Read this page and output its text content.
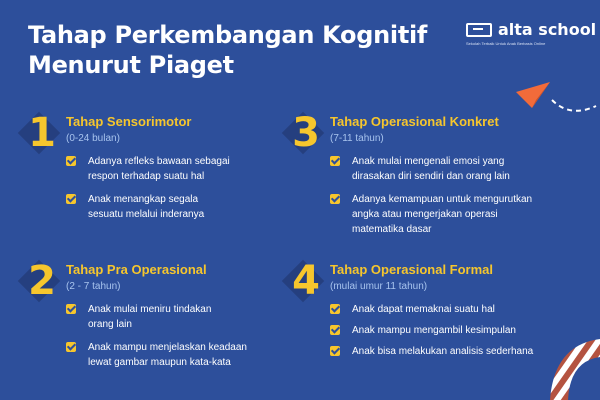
Tahap Perkembangan Kognitif
Menurut Piaget
alta school
Sekolah Terbaik Untuk Anak Berbasis Online
1 Tahap Sensorimotor
(0-24 bulan)
Adanya refleks bawaan sebagai
respon terhadap suatu hal
Anak menangkap segala
sesuatu melalui inderanya
2 Tahap Pra Operasional
(2 - 7 tahun)
Anak mulai meniru tindakan
orang lain
Anak mampu menjelaskan keadaan
lewat gambar maupun kata-kata
3 Tahap Operasional Konkret
(7-11 tahun)
Anak mulai mengenali emosi yang
dirasakan diri sendiri dan orang lain
Adanya kemampuan untuk mengurutkan
angka atau mengerjakan operasi
matematika dasar
4 Tahap Operasional Formal
(mulai umur 11 tahun)
Anak dapat memaknai suatu hal
Anak mampu mengambil kesimpulan
Anak bisa melakukan analisis sederhana
